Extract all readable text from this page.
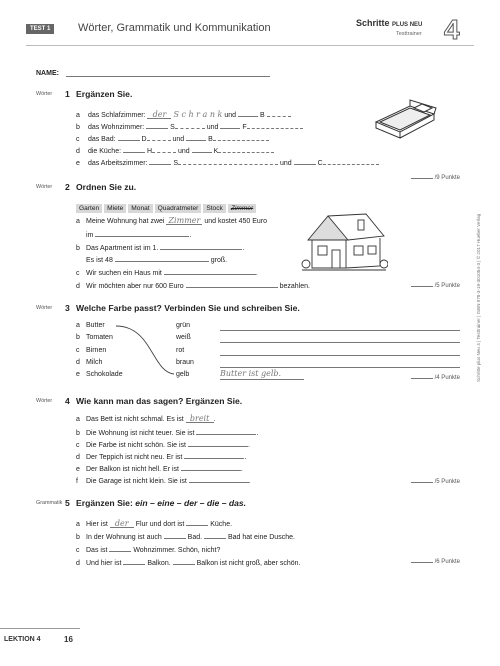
TEST 1	Wörter, Grammatik und Kommunikation	Schritte PLUS NEU
Testtrainer 4
NAME:
Wörter 1 Ergänzen Sie.
a das Schlafzimmer: der S c h r a n k und	B
b das Wohnzimmer:	S	und	F
c das Bad:	D	und	B
d die Küche:	H	und	K
e das Arbeitszimmer:	S	und	C
/9 Punkte
Wörter 2 Ordnen Sie zu.
Garten Miete Monat Quadratmeter Stock Zimmer
a Meine Wohnung hat zwei Zimmer und kostet 450 Euro
im	.
b Das Apartment ist im 1.	.
Es ist 48	groß.
c Wir suchen ein Haus mit	.
d Wir möchten aber nur 600 Euro	bezahlen.	/5 Punkte
Wörter 3 Welche Farbe passt? Verbinden Sie und schreiben Sie.
a Butter
b Tomaten
c Birnen
d Milch
e Schokolade
grün
weiß
rot
braun
gelb	Butter ist gelb.	/4 Punkte
Wörter 4 Wie kann man das sagen? Ergänzen Sie.
a Das Bett ist nicht schmal. Es ist breit .
b Die Wohnung ist nicht teuer. Sie ist	.
c Die Farbe ist nicht schön. Sie ist	.
d Der Teppich ist nicht neu. Er ist	.
e Der Balkon ist nicht hell. Er ist	.
f Die Garage ist nicht klein. Sie ist	.	/5 Punkte
Grammatik 5 Ergänzen Sie: ein – eine – der – die – das.
a Hier ist der Flur und dort ist	Küche.
b In der Wohnung ist auch	Bad.	Bad hat eine Dusche.
c Das ist	Wohnzimmer. Schön, nicht?
d Und hier ist	Balkon.	Balkon ist nicht groß, aber schön.	/6 Punkte
Schritte plus Neu 4 | Testtrainer | ISBN 978-3-19-301084-3 | © 2017 Hueber Verlag
LEKTION 4	16
